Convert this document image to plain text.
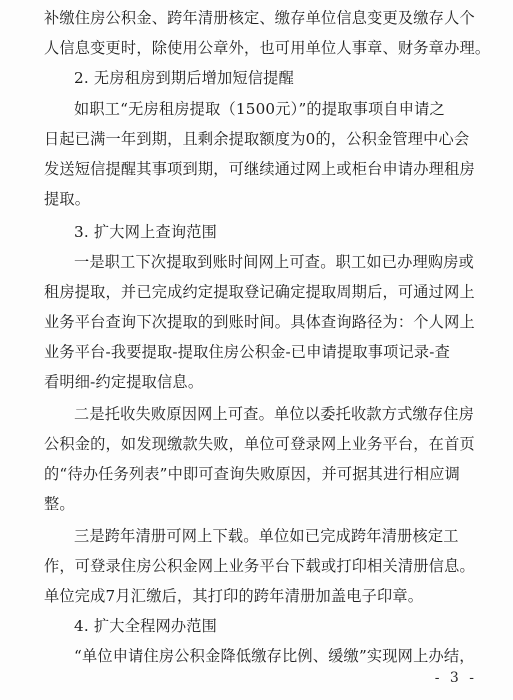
补缴住房公积金、跨年清册核定、缴存单位信息变更及缴存人个
人信息变更时，除使用公章外，也可用单位人事章、财务章办理。
2. 无房租房到期后增加短信提醒
如职工“无房租房提取（1500元）”的提取事项自申请之
日起已满一年到期，且剩余提取额度为0的，公积金管理中心会
发送短信提醒其事项到期，可继续通过网上或柜台申请办理租房
提取。
3. 扩大网上查询范围
一是职工下次提取到账时间网上可查。职工如已办理购房或
租房提取，并已完成约定提取登记确定提取周期后，可通过网上
业务平台查询下次提取的到账时间。具体查询路径为：个人网上
业务平台-我要提取-提取住房公积金-已申请提取事项记录-查
看明细-约定提取信息。
二是托收失败原因网上可查。单位以委托收款方式缴存住房
公积金的，如发现缴款失败，单位可登录网上业务平台，在首页
的“待办任务列表”中即可查询失败原因，并可据其进行相应调
整。
三是跨年清册可网上下载。单位如已完成跨年清册核定工
作，可登录住房公积金网上业务平台下载或打印相关清册信息。
单位完成7月汇缴后，其打印的跨年清册加盖电子印章。
4. 扩大全程网办范围
“单位申请住房公积金降低缴存比例、缓缴”实现网上办结，
- 3 -
